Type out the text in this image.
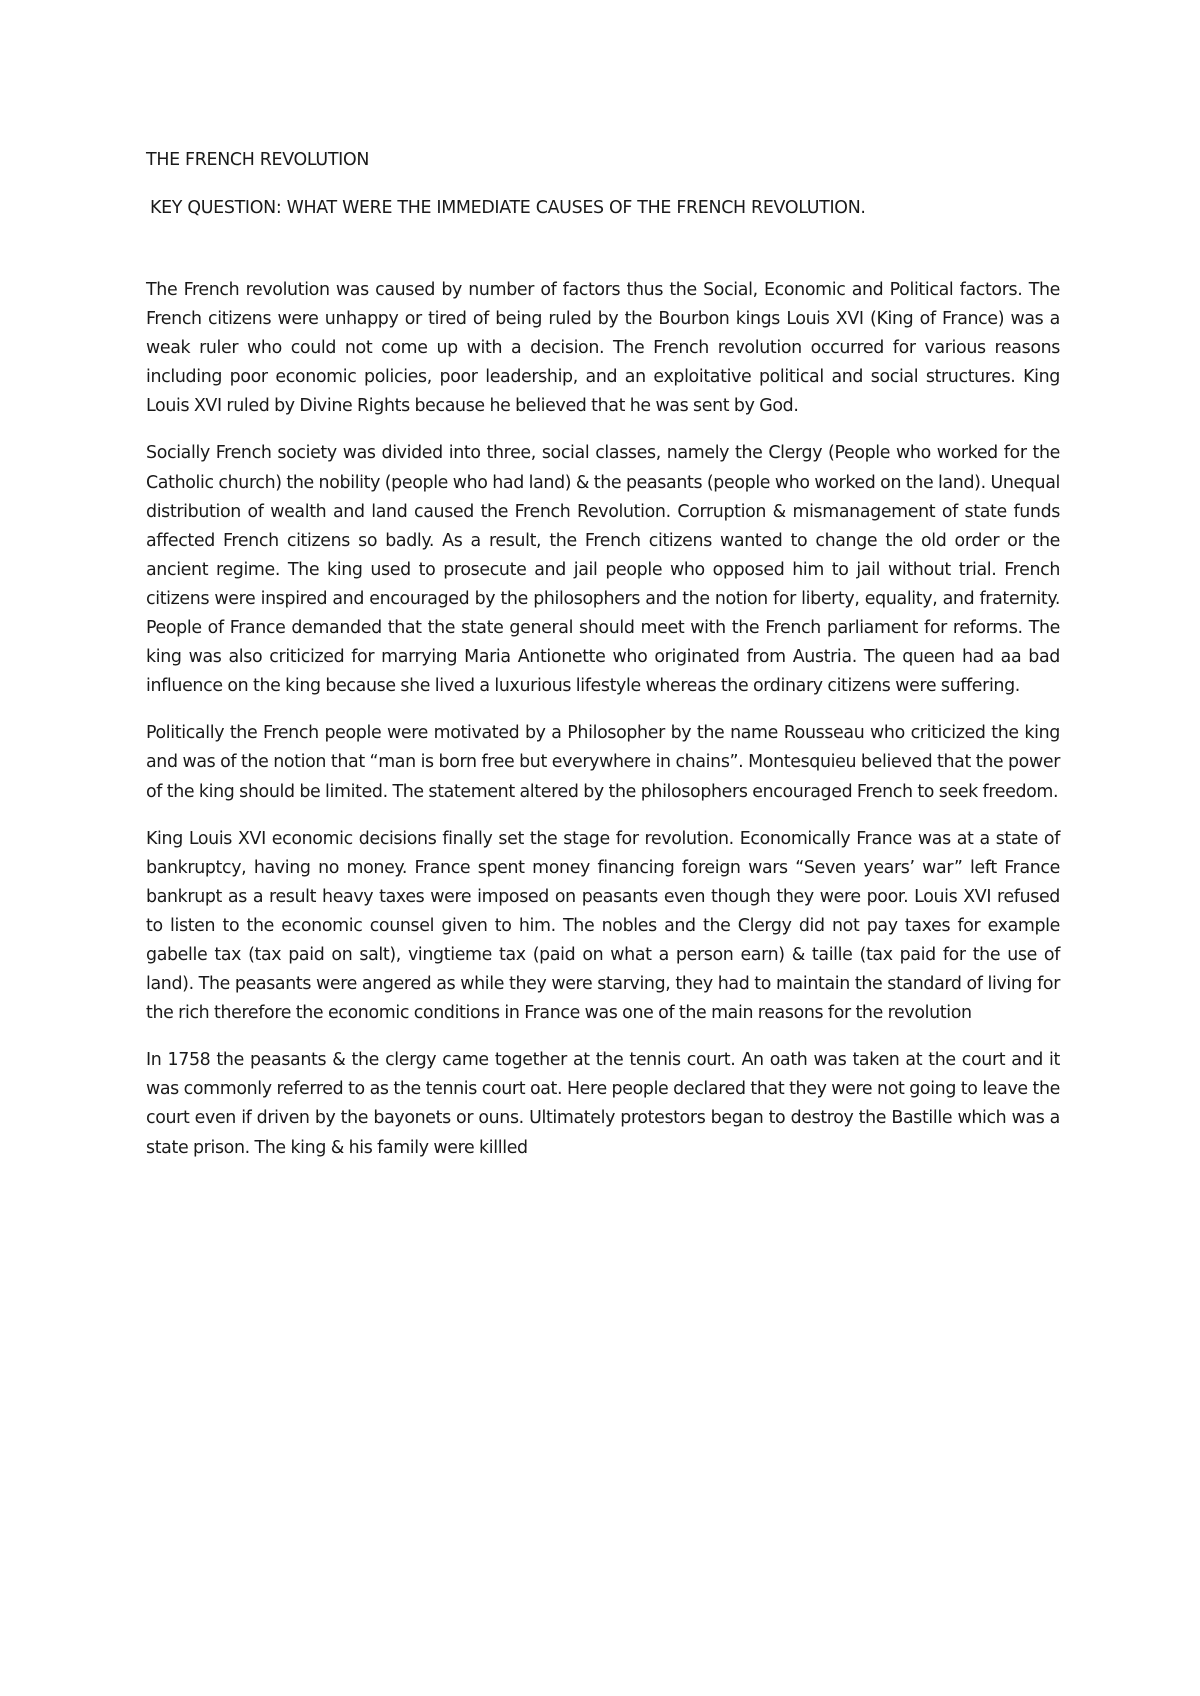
THE FRENCH REVOLUTION
KEY QUESTION: WHAT WERE THE IMMEDIATE CAUSES OF THE FRENCH REVOLUTION.

The French revolution was caused by number of factors thus the Social, Economic and Political factors. The French citizens were unhappy or tired of being ruled by the Bourbon kings Louis XVI (King of France) was a weak ruler who could not come up with a decision. The French revolution occurred for various reasons including poor economic policies, poor leadership, and an exploitative political and social structures. King Louis XVI ruled by Divine Rights because he believed that he was sent by God.

Socially French society was divided into three, social classes, namely the Clergy (People who worked for the Catholic church) the nobility (people who had land) & the peasants (people who worked on the land). Unequal distribution of wealth and land caused the French Revolution. Corruption & mismanagement of state funds affected French citizens so badly. As a result, the French citizens wanted to change the old order or the ancient regime. The king used to prosecute and jail people who opposed him to jail without trial. French citizens were inspired and encouraged by the philosophers and the notion for liberty, equality, and fraternity. People of France demanded that the state general should meet with the French parliament for reforms. The king was also criticized for marrying Maria Antionette who originated from Austria. The queen had aa bad influence on the king because she lived a luxurious lifestyle whereas the ordinary citizens were suffering.

Politically the French people were motivated by a Philosopher by the name Rousseau who criticized the king and was of the notion that “man is born free but everywhere in chains”. Montesquieu believed that the power of the king should be limited. The statement altered by the philosophers encouraged French to seek freedom.

King Louis XVI economic decisions finally set the stage for revolution. Economically France was at a state of bankruptcy, having no money. France spent money financing foreign wars “Seven years’ war” left France bankrupt as a result heavy taxes were imposed on peasants even though they were poor. Louis XVI refused to listen to the economic counsel given to him. The nobles and the Clergy did not pay taxes for example gabelle tax (tax paid on salt), vingtieme tax (paid on what a person earn) & taille (tax paid for the use of land). The peasants were angered as while they were starving, they had to maintain the standard of living for the rich therefore the economic conditions in France was one of the main reasons for the revolution

In 1758 the peasants & the clergy came together at the tennis court. An oath was taken at the court and it was commonly referred to as the tennis court oat. Here people declared that they were not going to leave the court even if driven by the bayonets or ouns. Ultimately protestors began to destroy the Bastille which was a state prison. The king & his family were killled
